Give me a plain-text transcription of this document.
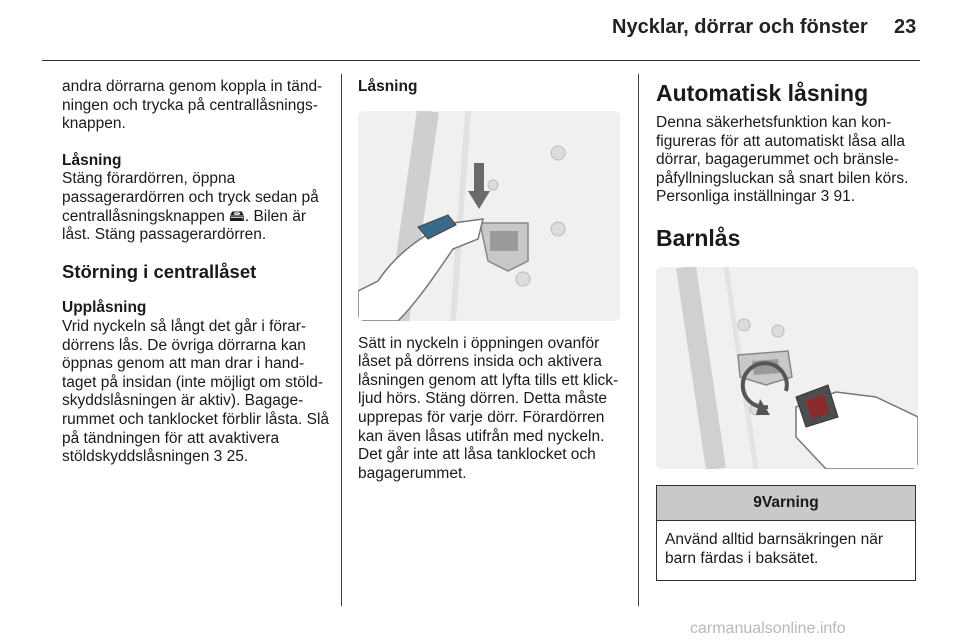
Nycklar, dörrar och fönster 23

andra dörrarna genom koppla in tänd-ningen och trycka på centrallåsnings-knappen.

Låsning

Stäng förardörren, öppna passagerardörren och tryck sedan på centrallåsningsknappen 🖴. Bilen är låst. Stäng passagerardörren.

Störning i centrallåset

Upplåsning

Vrid nyckeln så långt det går i förar-dörrens lås. De övriga dörrarna kan öppnas genom att man drar i hand-taget på insidan (inte möjligt om stöld-skyddslåsningen är aktiv). Bagage-rummet och tanklocket förblir låsta. Slå på tändningen för att avaktivera stöldskyddslåsningen 3 25.

Låsning

Sätt in nyckeln i öppningen ovanför låset på dörrens insida och aktivera låsningen genom att lyfta tills ett klick-ljud hörs. Stäng dörren. Detta måste upprepas för varje dörr. Förardörren kan även låsas utifrån med nyckeln. Det går inte att låsa tanklocket och bagagerummet.

Automatisk låsning

Denna säkerhetsfunktion kan kon-figureras för att automatiskt låsa alla dörrar, bagagerummet och bränsle-påfyllningsluckan så snart bilen körs. Personliga inställningar 3 91.

Barnlås

9 Varning
Använd alltid barnsäkringen när barn färdas i baksätet.
carmanualsonline.info
